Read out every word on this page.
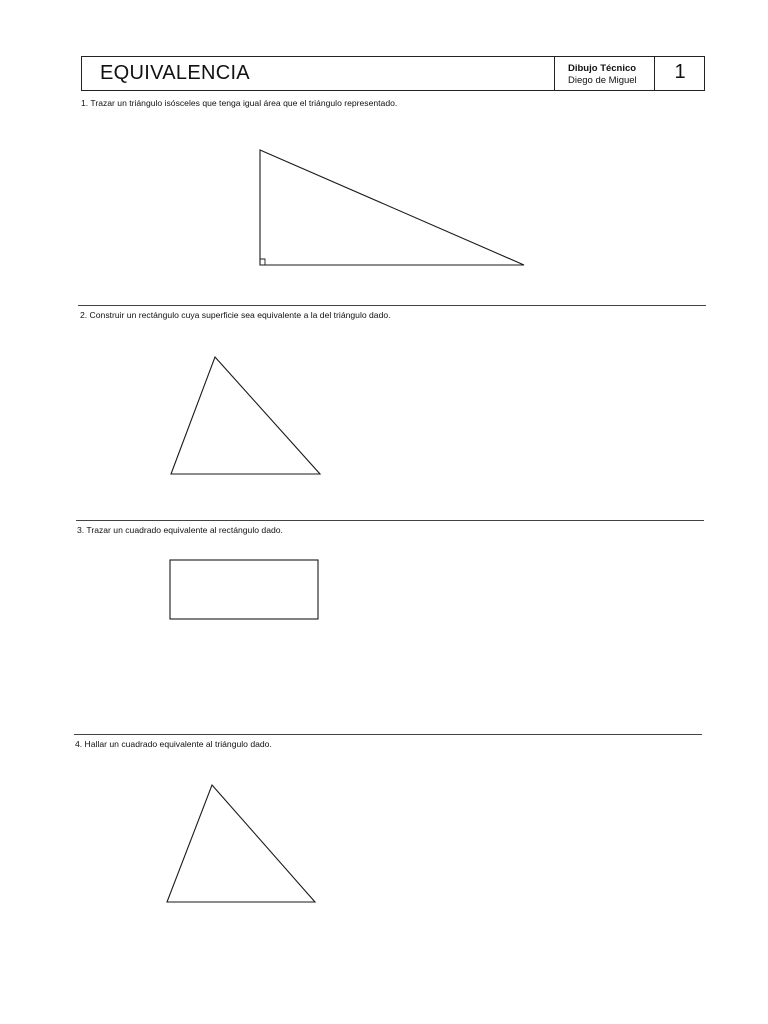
EQUIVALENCIA	Dibujo Técnico
Diego de Miguel	1
1. Trazar un triángulo isósceles que tenga igual área que el triángulo representado.
2. Construir un rectángulo cuya superficie sea equivalente a la del triángulo dado.
3. Trazar un cuadrado equivalente al rectángulo dado.
4. Hallar un cuadrado equivalente al triángulo dado.
